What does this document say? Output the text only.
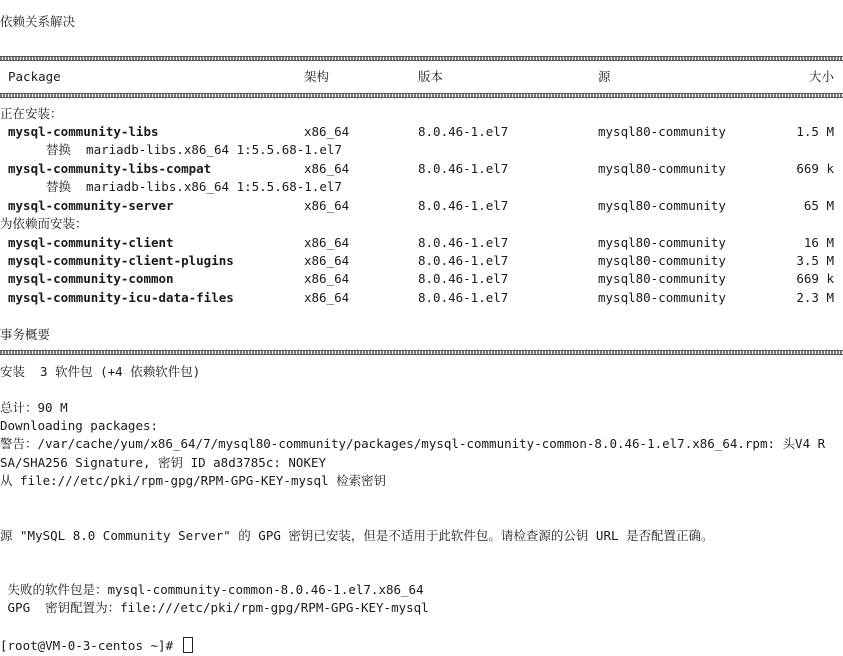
依赖关系解决
Package	架构	版本	源	大小
正在安装：
mysql-community-libs	x86_64	8.0.46-1.el7	mysql80-community	1.5 M
替换  mariadb-libs.x86_64 1:5.5.68-1.el7
mysql-community-libs-compat	x86_64	8.0.46-1.el7	mysql80-community	669 k
替换  mariadb-libs.x86_64 1:5.5.68-1.el7
mysql-community-server	x86_64	8.0.46-1.el7	mysql80-community	65 M
为依赖而安装：
mysql-community-client	x86_64	8.0.46-1.el7	mysql80-community	16 M
mysql-community-client-plugins	x86_64	8.0.46-1.el7	mysql80-community	3.5 M
mysql-community-common	x86_64	8.0.46-1.el7	mysql80-community	669 k
mysql-community-icu-data-files	x86_64	8.0.46-1.el7	mysql80-community	2.3 M
事务概要
安装  3 软件包 (+4 依赖软件包)
总计：90 M
Downloading packages:
警告：/var/cache/yum/x86_64/7/mysql80-community/packages/mysql-community-common-8.0.46-1.el7.x86_64.rpm: 头V4 R
SA/SHA256 Signature, 密钥 ID a8d3785c: NOKEY
从 file:///etc/pki/rpm-gpg/RPM-GPG-KEY-mysql 检索密钥
源 "MySQL 8.0 Community Server" 的 GPG 密钥已安装，但是不适用于此软件包。请检查源的公钥 URL 是否配置正确。
失败的软件包是：mysql-community-common-8.0.46-1.el7.x86_64
GPG  密钥配置为：file:///etc/pki/rpm-gpg/RPM-GPG-KEY-mysql
[root@VM-0-3-centos ~]#
